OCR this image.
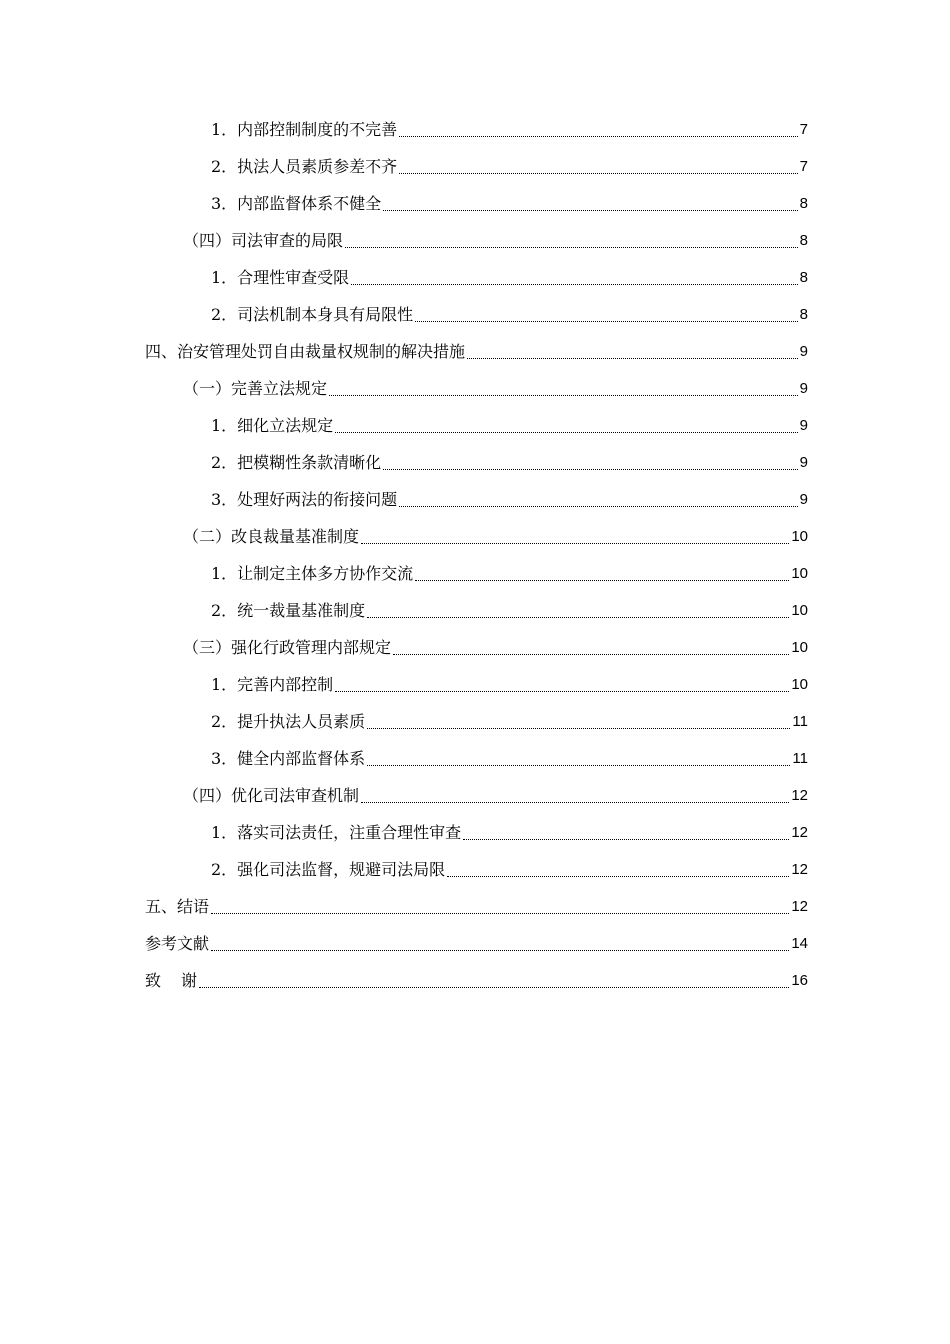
1．内部控制制度的不完善	7
2．执法人员素质参差不齐	7
3．内部监督体系不健全	8
（四）司法审查的局限	8
1．合理性审查受限	8
2．司法机制本身具有局限性	8
四、治安管理处罚自由裁量权规制的解决措施	9
（一）完善立法规定	9
1．细化立法规定	9
2．把模糊性条款清晰化	9
3．处理好两法的衔接问题	9
（二）改良裁量基准制度	10
1．让制定主体多方协作交流	10
2．统一裁量基准制度	10
（三）强化行政管理内部规定	10
1．完善内部控制	10
2．提升执法人员素质	11
3．健全内部监督体系	11
（四）优化司法审查机制	12
1．落实司法责任，注重合理性审查	12
2．强化司法监督，规避司法局限	12
五、结语	12
参考文献	14
致 谢	16
